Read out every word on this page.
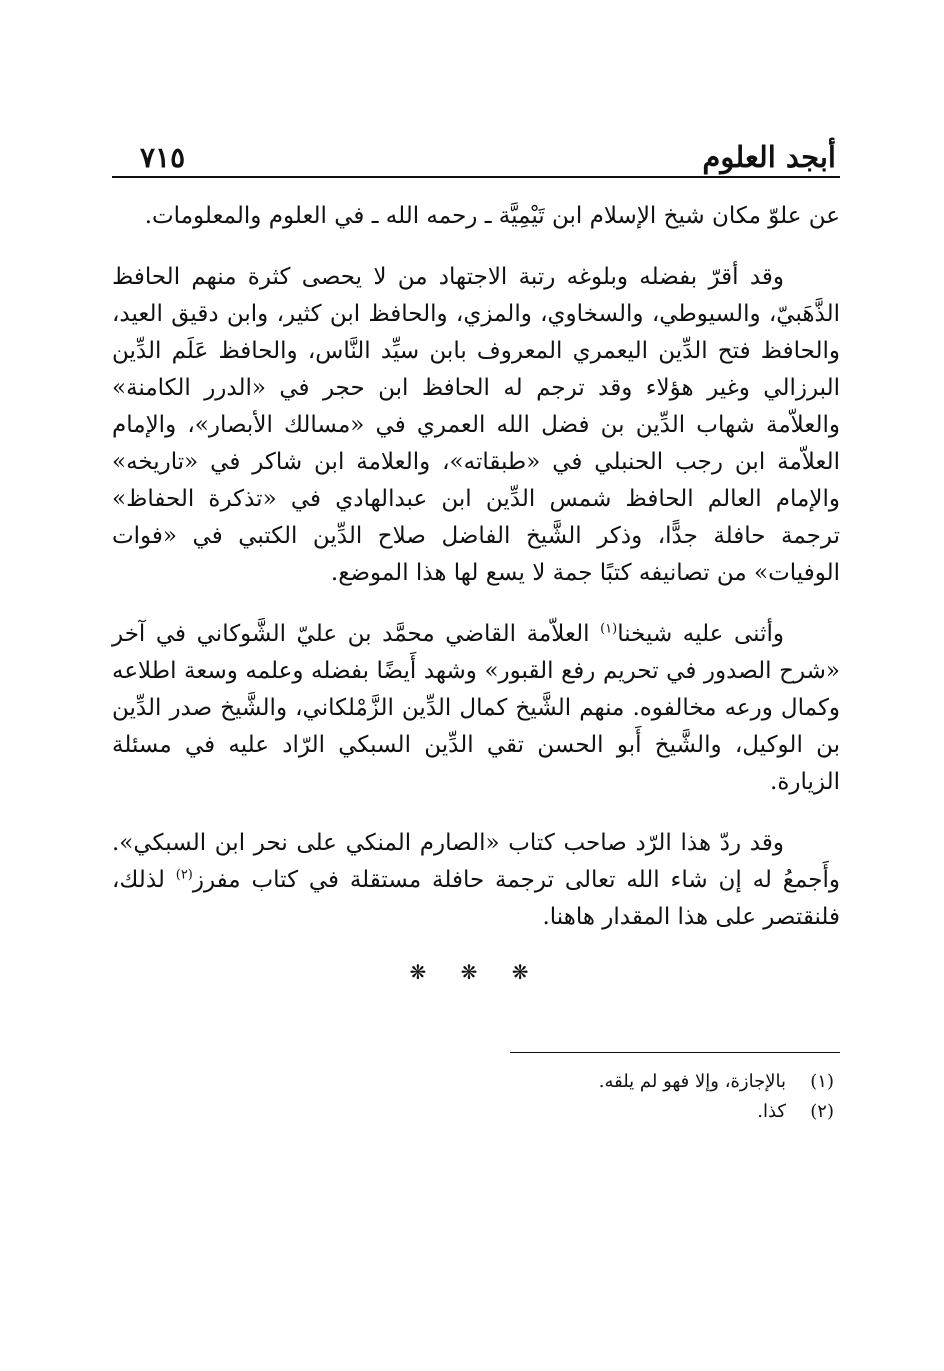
أبجد العلوم
٧١٥

عن علوّ مكان شيخ الإسلام ابن تَيْمِيَّة ـ رحمه الله ـ في العلوم والمعلومات.

وقد أقرّ بفضله وبلوغه رتبة الاجتهاد من لا يحصى كثرة منهم الحافظ الذَّهَبيّ، والسيوطي، والسخاوي، والمزي، والحافظ ابن كثير، وابن دقيق العيد، والحافظ فتح الدِّين اليعمري المعروف بابن سيِّد النَّاس، والحافظ عَلَم الدِّين البرزالي وغير هؤلاء وقد ترجم له الحافظ ابن حجر في «الدرر الكامنة» والعلاّمة شهاب الدِّين بن فضل الله العمري في «مسالك الأبصار»، والإمام العلاّمة ابن رجب الحنبلي في «طبقاته»، والعلامة ابن شاكر في «تاريخه» والإمام العالم الحافظ شمس الدِّين ابن عبدالهادي في «تذكرة الحفاظ» ترجمة حافلة جدًّا، وذكر الشَّيخ الفاضل صلاح الدِّين الكتبي في «فوات الوفيات» من تصانيفه كتبًا جمة لا يسع لها هذا الموضع.

وأثنى عليه شيخنا$^{(١)}$ العلاّمة القاضي محمَّد بن عليّ الشَّوكاني في آخر «شرح الصدور في تحريم رفع القبور» وشهد أَيضًا بفضله وعلمه وسعة اطلاعه وكمال ورعه مخالفوه. منهم الشَّيخ كمال الدِّين الزَّمْلكاني، والشَّيخ صدر الدِّين بن الوكيل، والشَّيخ أَبو الحسن تقي الدِّين السبكي الرّاد عليه في مسئلة الزيارة.

وقد ردّ هذا الرّد صاحب كتاب «الصارم المنكي على نحر ابن السبكي». وأَجمعُ له إن شاء الله تعالى ترجمة حافلة مستقلة في كتاب مفرز$^{(٢)}$ لذلك، فلنقتصر على هذا المقدار هاهنا.

❋ ❋ ❋
(١)
بالإجازة، وإلا فهو لم يلقه.
(٢)
كذا.
